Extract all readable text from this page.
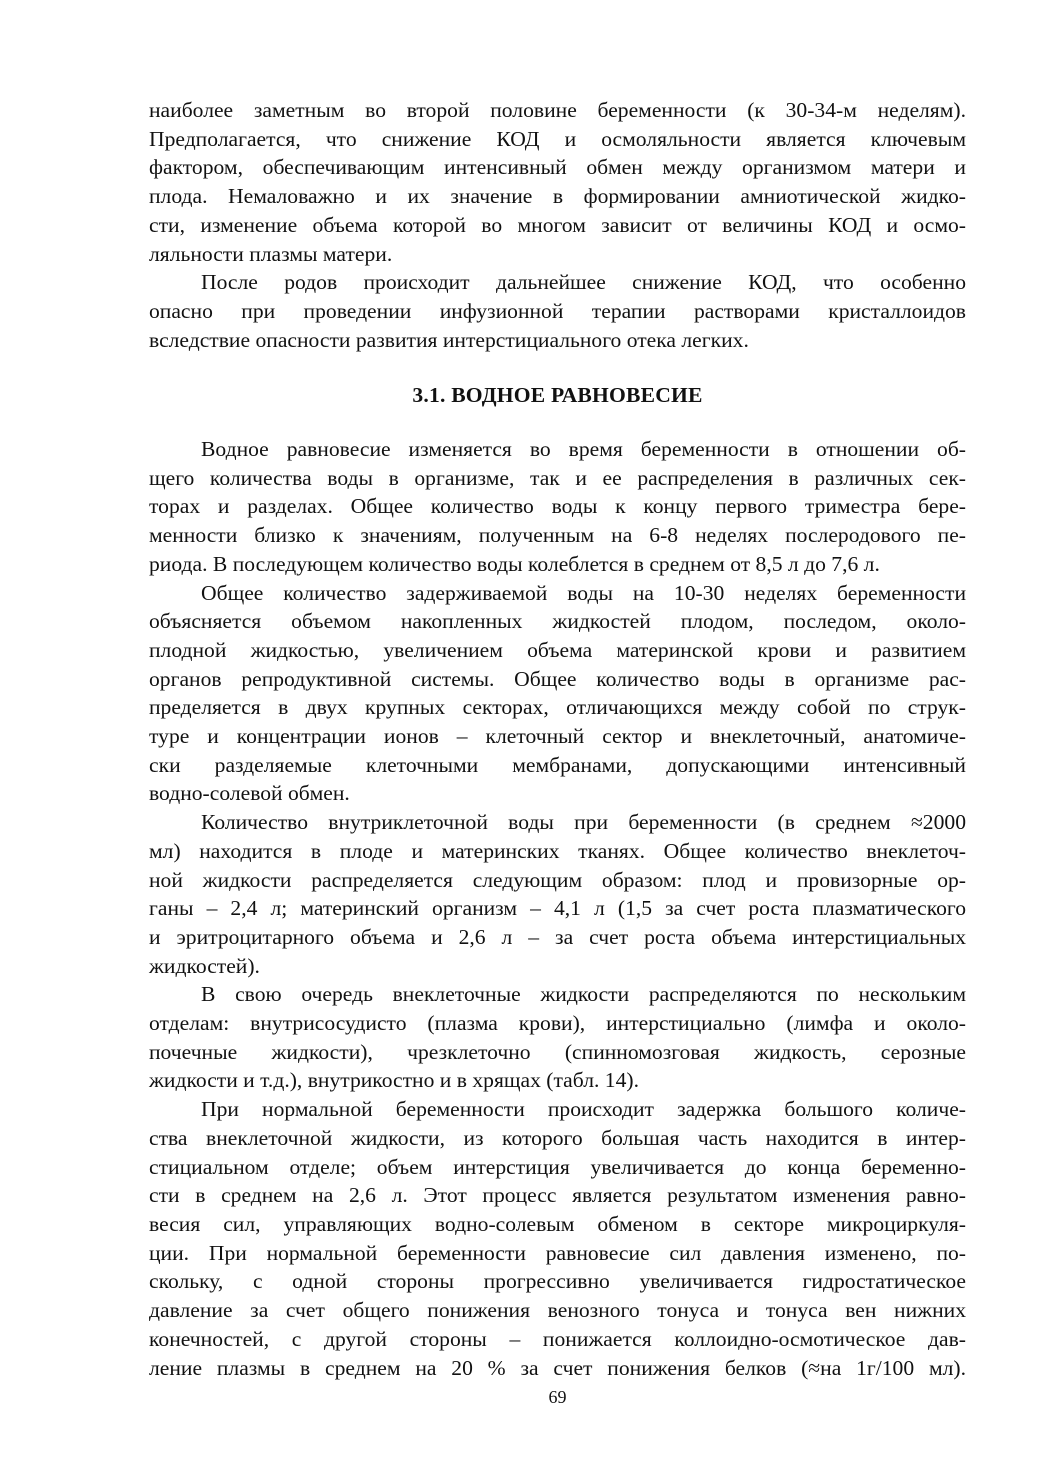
наиболее заметным во второй половине беременности (к 30-34-м неделям).
Предполагается, что снижение КОД и осмоляльности является ключевым
фактором, обеспечивающим интенсивный обмен между организмом матери и
плода. Немаловажно и их значение в формировании амниотической жидко-
сти, изменение объема которой во многом зависит от величины КОД и осмо-
ляльности плазмы матери.
После родов происходит дальнейшее снижение КОД, что особенно
опасно при проведении инфузионной терапии растворами кристаллоидов
вследствие опасности развития интерстициального отека легких.
3.1. ВОДНОЕ РАВНОВЕСИЕ
Водное равновесие изменяется во время беременности в отношении об-
щего количества воды в организме, так и ее распределения в различных сек-
торах и разделах. Общее количество воды к концу первого триместра бере-
менности близко к значениям, полученным на 6-8 неделях послеродового пе-
риода. В последующем количество воды колеблется в среднем от 8,5 л до 7,6 л.
Общее количество задерживаемой воды на 10-30 неделях беременности
объясняется объемом накопленных жидкостей плодом, последом, около-
плодной жидкостью, увеличением объема материнской крови и развитием
органов репродуктивной системы. Общее количество воды в организме рас-
пределяется в двух крупных секторах, отличающихся между собой по струк-
туре и концентрации ионов – клеточный сектор и внеклеточный, анатомиче-
ски разделяемые клеточными мембранами, допускающими интенсивный
водно-солевой обмен.
Количество внутриклеточной воды при беременности (в среднем ≈2000
мл) находится в плоде и материнских тканях. Общее количество внеклеточ-
ной жидкости распределяется следующим образом: плод и провизорные ор-
ганы – 2,4 л; материнский организм – 4,1 л (1,5 за счет роста плазматического
и эритроцитарного объема и 2,6 л – за счет роста объема интерстициальных
жидкостей).
В свою очередь внеклеточные жидкости распределяются по нескольким
отделам: внутрисосудисто (плазма крови), интерстициально (лимфа и около-
почечные жидкости), чрезклеточно (спинномозговая жидкость, серозные
жидкости и т.д.), внутрикостно и в хрящах (табл. 14).
При нормальной беременности происходит задержка большого количе-
ства внеклеточной жидкости, из которого большая часть находится в интер-
стициальном отделе; объем интерстиция увеличивается до конца беременно-
сти в среднем на 2,6 л. Этот процесс является результатом изменения равно-
весия сил, управляющих водно-солевым обменом в секторе микроциркуля-
ции. При нормальной беременности равновесие сил давления изменено, по-
скольку, с одной стороны прогрессивно увеличивается гидростатическое
давление за счет общего понижения венозного тонуса и тонуса вен нижних
конечностей, с другой стороны – понижается коллоидно-осмотическое дав-
ление плазмы в среднем на 20 % за счет понижения белков (≈на 1г/100 мл).
69
